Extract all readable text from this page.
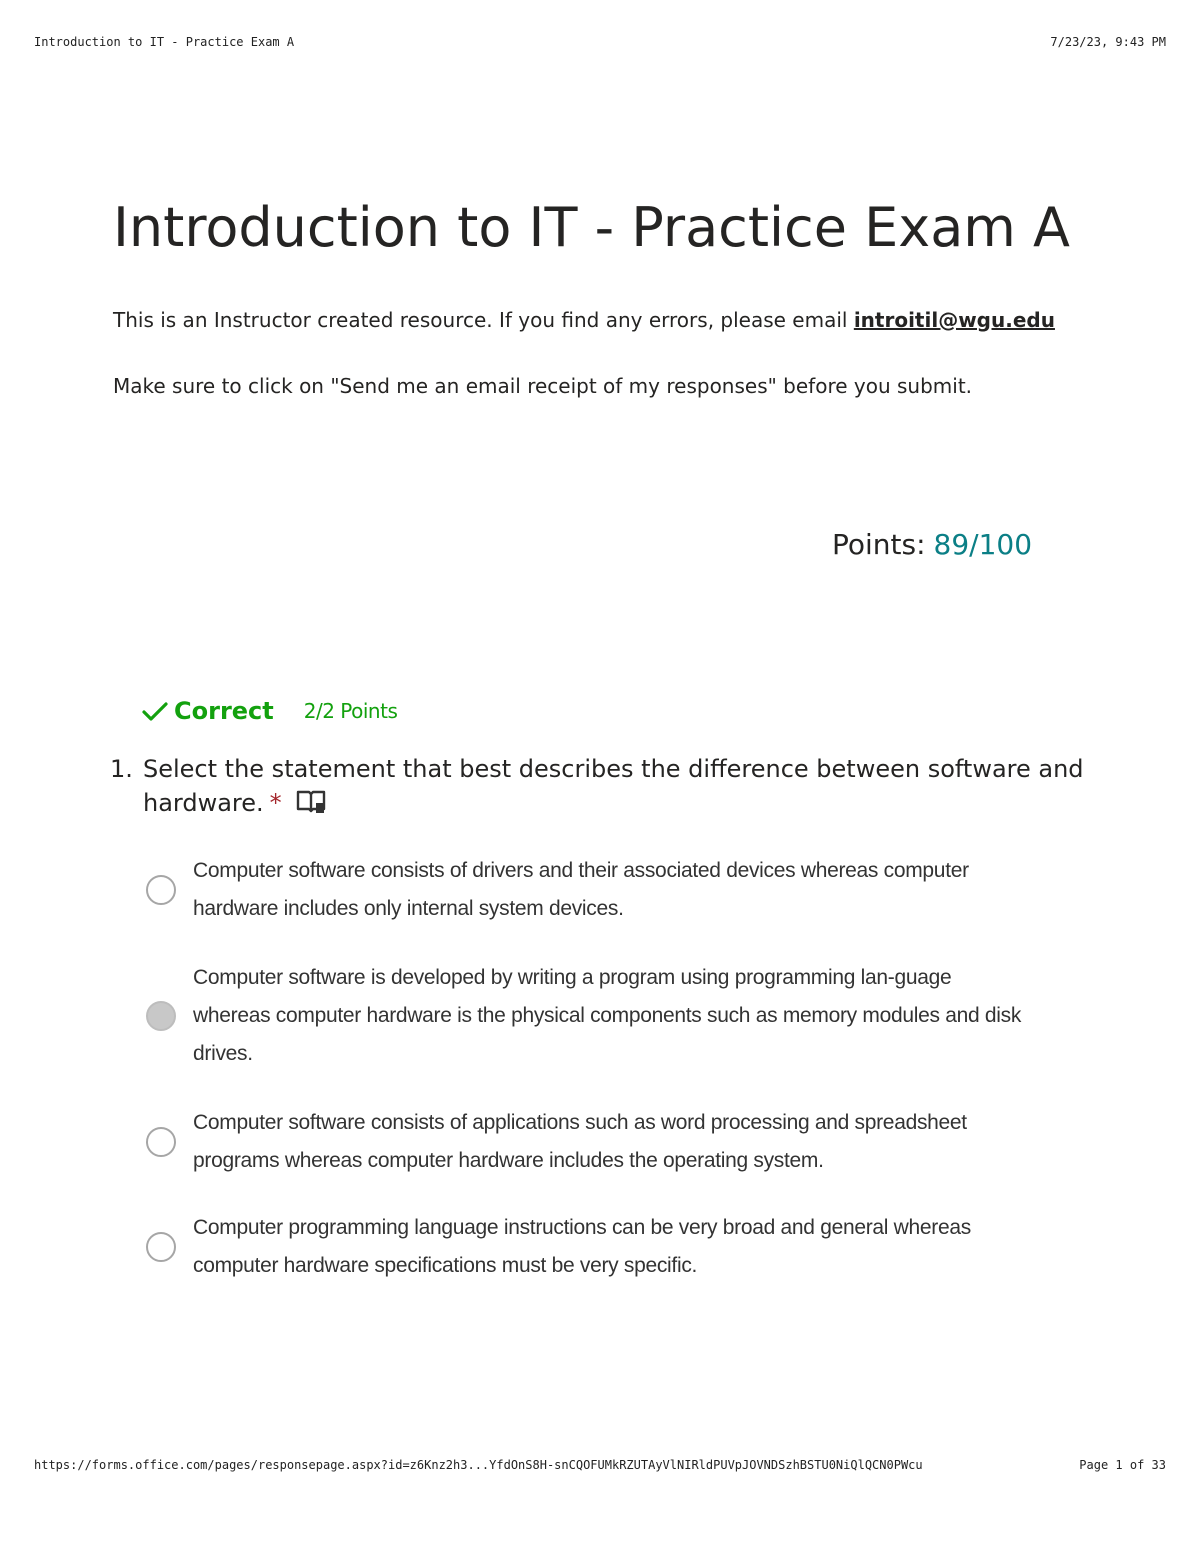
Introduction to IT - Practice Exam A	7/23/23, 9:43 PM
Introduction to IT - Practice Exam A
This is an Instructor created resource. If you find any errors, please email introitil@wgu.edu
Make sure to click on "Send me an email receipt of my responses" before you submit.
Points: 89/100
Correct 2/2 Points
1. Select the statement that best describes the difference between software and hardware. *
Computer software consists of drivers and their associated devices whereas computer hardware includes only internal system devices.
Computer software is developed by writing a program using programming lan-guage whereas computer hardware is the physical components such as memory modules and disk drives.
Computer software consists of applications such as word processing and spreadsheet programs whereas computer hardware includes the operating system.
Computer programming language instructions can be very broad and general whereas computer hardware specifications must be very specific.
https://forms.office.com/pages/responsepage.aspx?id=z6Knz2h3...YfdOnS8H-snCQOFUMkRZUTAyVlNIRldPUVpJOVNDSzhBSTU0NiQlQCN0PWcu	Page 1 of 33
